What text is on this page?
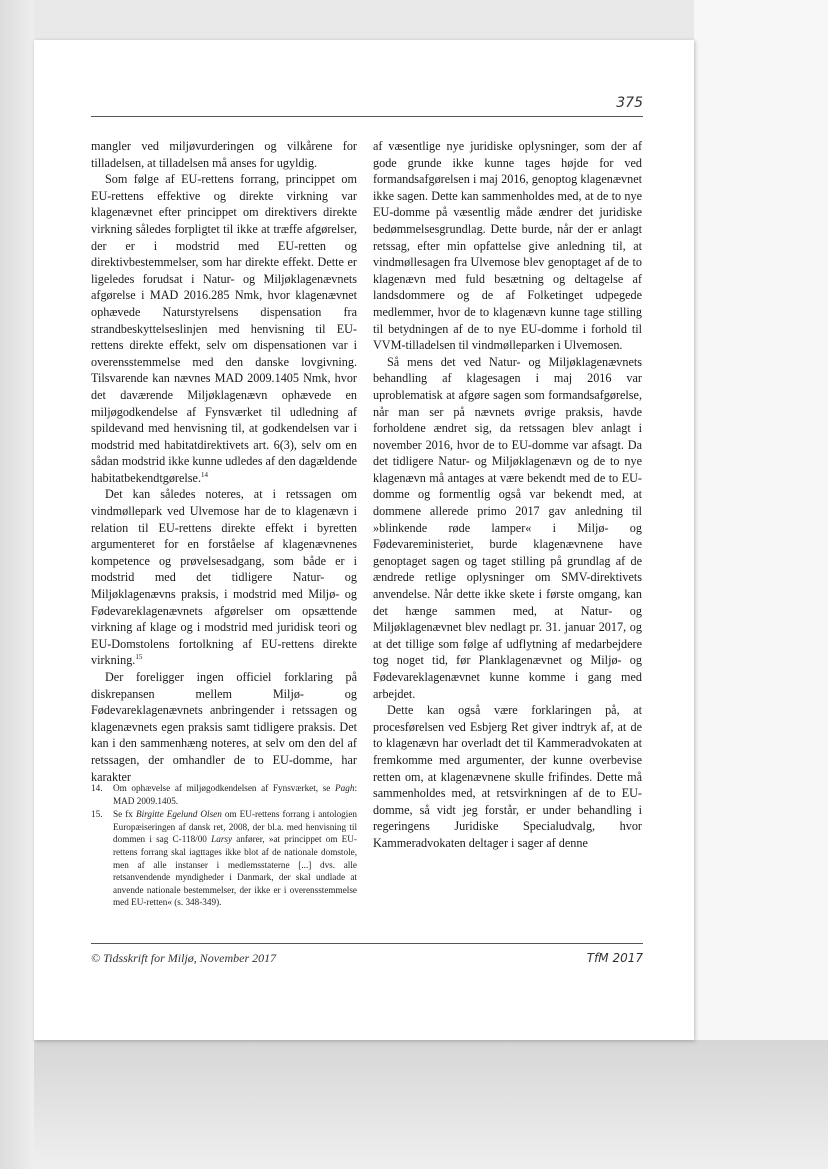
375

mangler ved miljøvurderingen og vilkårene for tilladelsen, at tilladelsen må anses for ugyldig.

Som følge af EU-rettens forrang, princippet om EU-rettens effektive og direkte virkning var klagenævnet efter princippet om direktivers direkte virkning således forpligtet til ikke at træffe afgørelser, der er i modstrid med EU-retten og direktivbestemmelser, som har direkte effekt. Dette er ligeledes forudsat i Natur- og Miljøklagenævnets afgørelse i MAD 2016.285 Nmk, hvor klagenævnet ophævede Naturstyrelsens dispensation fra strandbeskyttelseslinjen med henvisning til EU-rettens direkte effekt, selv om dispensationen var i overensstemmelse med den danske lovgivning. Tilsvarende kan nævnes MAD 2009.1405 Nmk, hvor det daværende Miljøklagenævn ophævede en miljøgodkendelse af Fynsværket til udledning af spildevand med henvisning til, at godkendelsen var i modstrid med habitatdirektivets art. 6(3), selv om en sådan modstrid ikke kunne udledes af den dagældende habitatbekendtgørelse.$^{14}$

Det kan således noteres, at i retssagen om vindmøllepark ved Ulvemose har de to klagenævn i relation til EU-rettens direkte effekt i byretten argumenteret for en forståelse af klagenævnenes kompetence og prøvelsesadgang, som både er i modstrid med det tidligere Natur- og Miljøklagenævns praksis, i modstrid med Miljø- og Fødevareklagenævnets afgørelser om opsættende virkning af klage og i modstrid med juridisk teori og EU-Domstolens fortolkning af EU-rettens direkte virkning.$^{15}$

Der foreligger ingen officiel forklaring på diskrepansen mellem Miljø- og Fødevareklagenævnets anbringender i retssagen og klagenævnets egen praksis samt tidligere praksis. Det kan i den sammenhæng noteres, at selv om den del af retssagen, der omhandler de to EU-domme, har karakter

af væsentlige nye juridiske oplysninger, som der af gode grunde ikke kunne tages højde for ved formandsafgørelsen i maj 2016, genoptog klagenævnet ikke sagen. Dette kan sammenholdes med, at de to nye EU-domme på væsentlig måde ændrer det juridiske bedømmelsesgrundlag. Dette burde, når der er anlagt retssag, efter min opfattelse give anledning til, at vindmøllesagen fra Ulvemose blev genoptaget af de to klagenævn med fuld besætning og deltagelse af landsdommere og de af Folketinget udpegede medlemmer, hvor de to klagenævn kunne tage stilling til betydningen af de to nye EU-domme i forhold til VVM-tilladelsen til vindmølleparken i Ulvemosen.

Så mens det ved Natur- og Miljøklagenævnets behandling af klagesagen i maj 2016 var uproblematisk at afgøre sagen som formandsafgørelse, når man ser på nævnets øvrige praksis, havde forholdene ændret sig, da retssagen blev anlagt i november 2016, hvor de to EU-domme var afsagt. Da det tidligere Natur- og Miljøklagenævn og de to nye klagenævn må antages at være bekendt med de to EU-domme og formentlig også var bekendt med, at dommene allerede primo 2017 gav anledning til »blinkende røde lamper« i Miljø- og Fødevareministeriet, burde klagenævnene have genoptaget sagen og taget stilling på grundlag af de ændrede retlige oplysninger om SMV-direktivets anvendelse. Når dette ikke skete i første omgang, kan det hænge sammen med, at Natur- og Miljøklagenævnet blev nedlagt pr. 31. januar 2017, og at det tillige som følge af udflytning af medarbejdere tog noget tid, før Planklagenævnet og Miljø- og Fødevareklagenævnet kunne komme i gang med arbejdet.

Dette kan også være forklaringen på, at procesførelsen ved Esbjerg Ret giver indtryk af, at de to klagenævn har overladt det til Kammeradvokaten at fremkomme med argumenter, der kunne overbevise retten om, at klagenævnene skulle frifindes. Dette må sammenholdes med, at retsvirkningen af de to EU-domme, så vidt jeg forstår, er under behandling i regeringens Juridiske Specialudvalg, hvor Kammeradvokaten deltager i sager af denne

14.	Om ophævelse af miljøgodkendelsen af Fynsværket, se Pagh: MAD 2009.1405.
15.	Se fx Birgitte Egelund Olsen om EU-rettens forrang i antologien Europæiseringen af dansk ret, 2008, der bl.a. med henvisning til dommen i sag C-118/00 Larsy anfører, »at princippet om EU-rettens forrang skal iagttages ikke blot af de nationale domstole, men af alle instanser i medlemsstaterne [...] dvs. alle retsanvendende myndigheder i Danmark, der skal undlade at anvende nationale bestemmelser, der ikke er i overensstemmelse med EU-retten« (s. 348-349).
© Tidsskrift for Miljø, November 2017	TfM 2017
